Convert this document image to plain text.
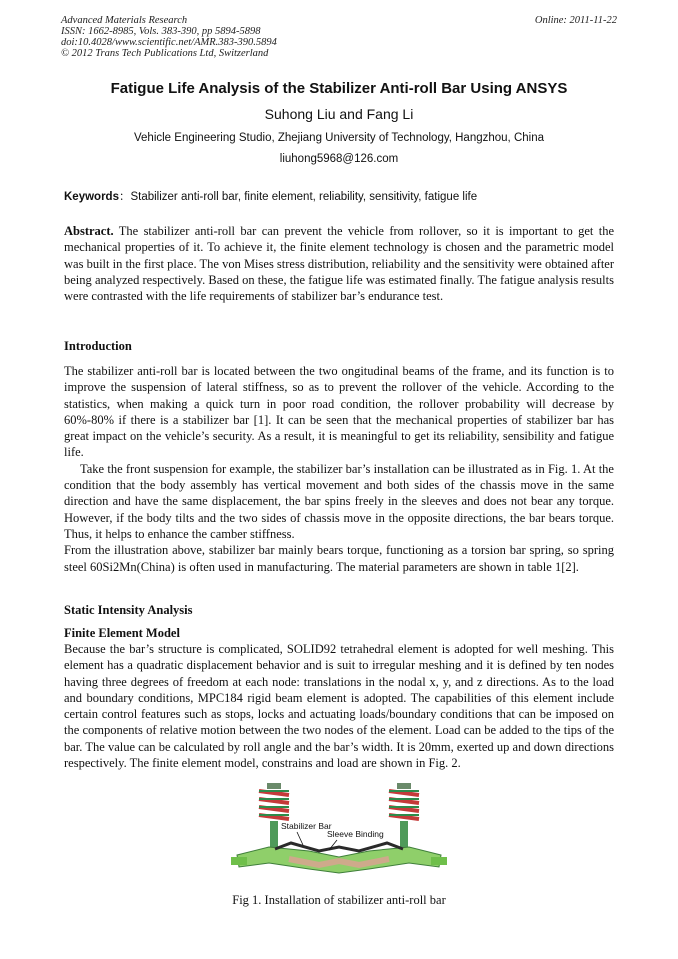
Advanced Materials Research
ISSN: 1662-8985, Vols. 383-390, pp 5894-5898
doi:10.4028/www.scientific.net/AMR.383-390.5894
© 2012 Trans Tech Publications Ltd, Switzerland
Online: 2011-11-22
Fatigue Life Analysis of the Stabilizer Anti-roll Bar Using ANSYS
Suhong Liu and Fang Li
Vehicle Engineering Studio, Zhejiang University of Technology, Hangzhou, China
liuhong5968@126.com
Keywords：Stabilizer anti-roll bar, finite element, reliability, sensitivity, fatigue life

Abstract. The stabilizer anti-roll bar can prevent the vehicle from rollover, so it is important to get the mechanical properties of it. To achieve it, the finite element technology is chosen and the parametric model was built in the first place. The von Mises stress distribution, reliability and the sensitivity were obtained after being analyzed respectively. Based on these, the fatigue life was estimated finally. The fatigue analysis results were contrasted with the life requirements of stabilizer bar’s endurance test.

Introduction

The stabilizer anti-roll bar is located between the two ongitudinal beams of the frame, and its function is to improve the suspension of lateral stiffness, so as to prevent the rollover of the vehicle. According to the statistics, when making a quick turn in poor road condition, the rollover probability will decrease by 60%-80% if there is a stabilizer bar [1]. It can be seen that the mechanical properties of stabilizer bar has great impact on the vehicle’s security. As a result, it is meaningful to get its reliability, sensibility and fatigue life.

Take the front suspension for example, the stabilizer bar’s installation can be illustrated as in Fig. 1. At the condition that the body assembly has vertical movement and both sides of the chassis move in the same direction and have the same displacement, the bar spins freely in the sleeves and does not bear any torque. However, if the body tilts and the two sides of chassis move in the opposite directions, the bar bears torque. Thus, it helps to enhance the camber stiffness.

From the illustration above, stabilizer bar mainly bears torque, functioning as a torsion bar spring, so spring steel 60Si2Mn(China) is often used in manufacturing. The material parameters are shown in table 1[2].

Static Intensity Analysis
Finite Element Model

Because the bar’s structure is complicated, SOLID92 tetrahedral element is adopted for well meshing. This element has a quadratic displacement behavior and is suit to irregular meshing and it is defined by ten nodes having three degrees of freedom at each node: translations in the nodal x, y, and z directions. As to the load and boundary conditions, MPC184 rigid beam element is adopted. The capabilities of this element include certain control features such as stops, locks and actuating loads/boundary conditions that can be imposed on the components of relative motion between the two nodes of the element. Load can be added to the tips of the bar. The value can be calculated by roll angle and the bar’s width. It is 20mm, exerted up and down directions respectively. The finite element model, constrains and load are shown in Fig. 2.

Stabilizer Bar
Sleeve Binding
Fig 1. Installation of stabilizer anti-roll bar
